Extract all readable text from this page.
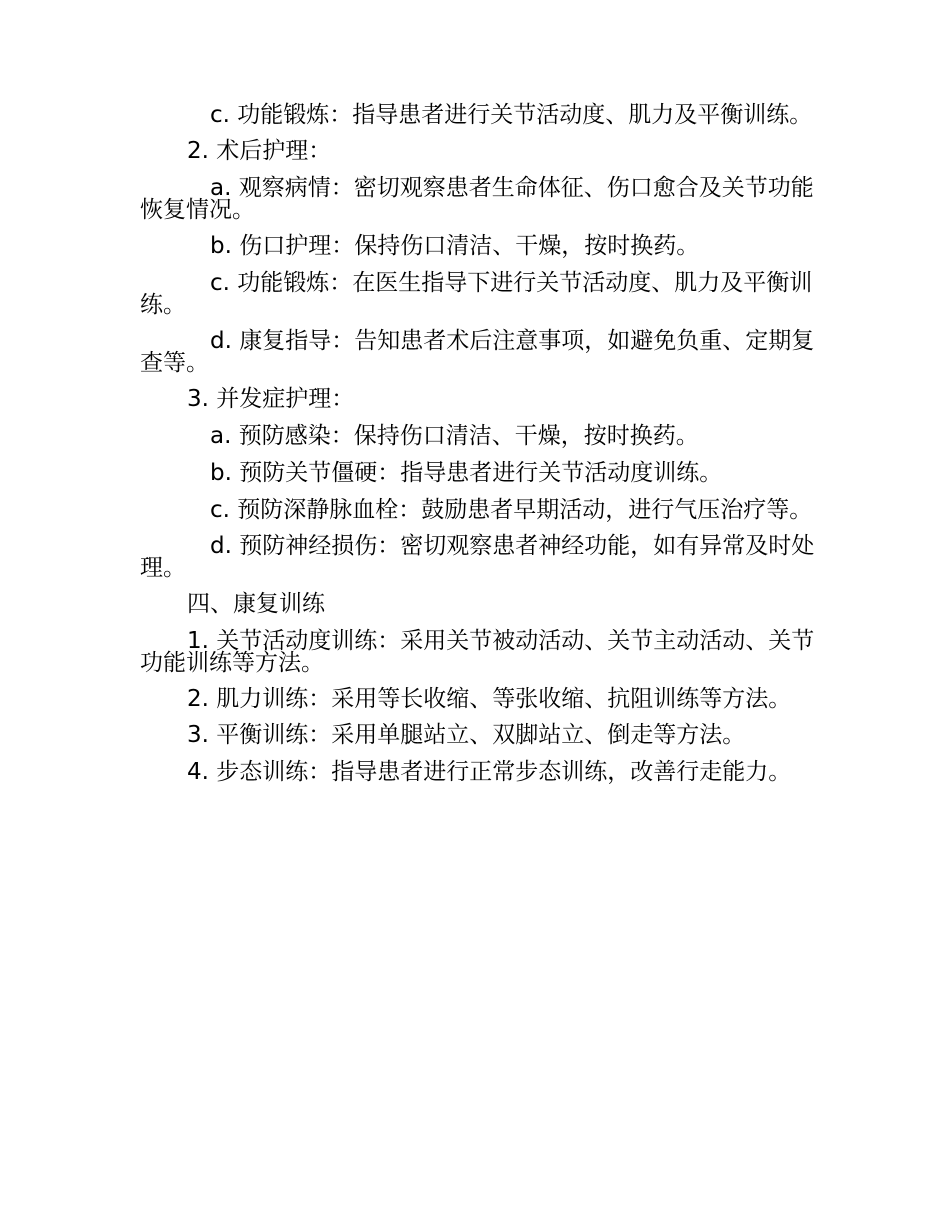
c. 功能锻炼：指导患者进行关节活动度、肌力及平衡训练。

2. 术后护理：

a. 观察病情：密切观察患者生命体征、伤口愈合及关节功能恢复情况。

b. 伤口护理：保持伤口清洁、干燥，按时换药。

c. 功能锻炼：在医生指导下进行关节活动度、肌力及平衡训练。

d. 康复指导：告知患者术后注意事项，如避免负重、定期复查等。

3. 并发症护理：

a. 预防感染：保持伤口清洁、干燥，按时换药。

b. 预防关节僵硬：指导患者进行关节活动度训练。

c. 预防深静脉血栓：鼓励患者早期活动，进行气压治疗等。

d. 预防神经损伤：密切观察患者神经功能，如有异常及时处理。

四、康复训练

1. 关节活动度训练：采用关节被动活动、关节主动活动、关节功能训练等方法。

2. 肌力训练：采用等长收缩、等张收缩、抗阻训练等方法。

3. 平衡训练：采用单腿站立、双脚站立、倒走等方法。

4. 步态训练：指导患者进行正常步态训练，改善行走能力。
